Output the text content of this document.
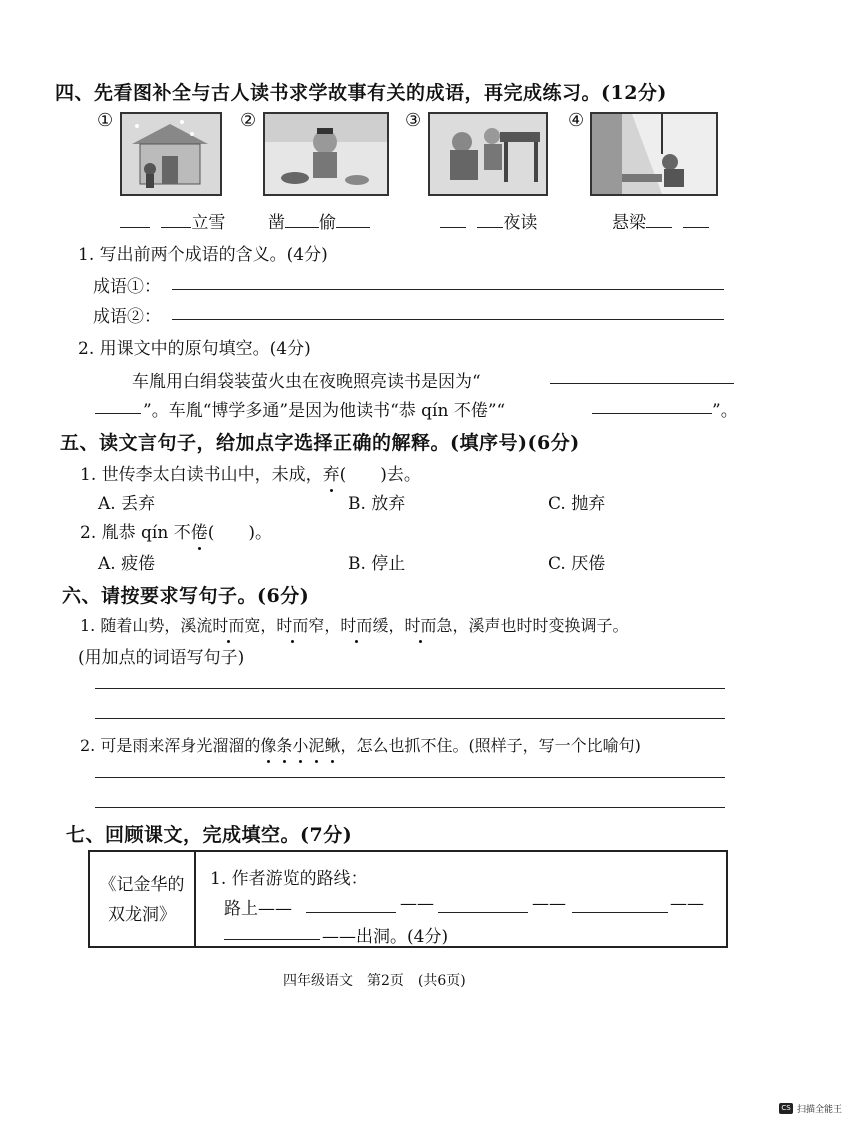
四、先看图补全与古人读书求学故事有关的成语，再完成练习。(12分)
①	②	③	④
立雪	凿 偷	夜读	悬梁
1. 写出前两个成语的含义。(4分)
成语①：
成语②：
2. 用课文中的原句填空。(4分)
车胤用白绢袋装萤火虫在夜晚照亮读书是因为“
”。车胤“博学多通”是因为他读书“恭 qín 不倦”“	”。
五、读文言句子，给加点字选择正确的解释。(填序号)(6分)
1. 世传李太白读书山中，未成，弃(　　)去。
A. 丢弃	B. 放弃	C. 抛弃
2. 胤恭 qín 不倦(　　)。
A. 疲倦	B. 停止	C. 厌倦
六、请按要求写句子。(6分)
1. 随着山势，溪流时而宽，时而窄，时而缓，时而急，溪声也时时变换调子。
(用加点的词语写句子)
2. 可是雨来浑身光溜溜的像条小泥鳅，怎么也抓不住。(照样子，写一个比喻句)
七、回顾课文，完成填空。(7分)
《记金华的
双龙洞》

1. 作者游览的路线：
路上——	——	——	——
——出洞。(4分)
四年级语文　第2页　(共6页)
CS 扫描全能王
